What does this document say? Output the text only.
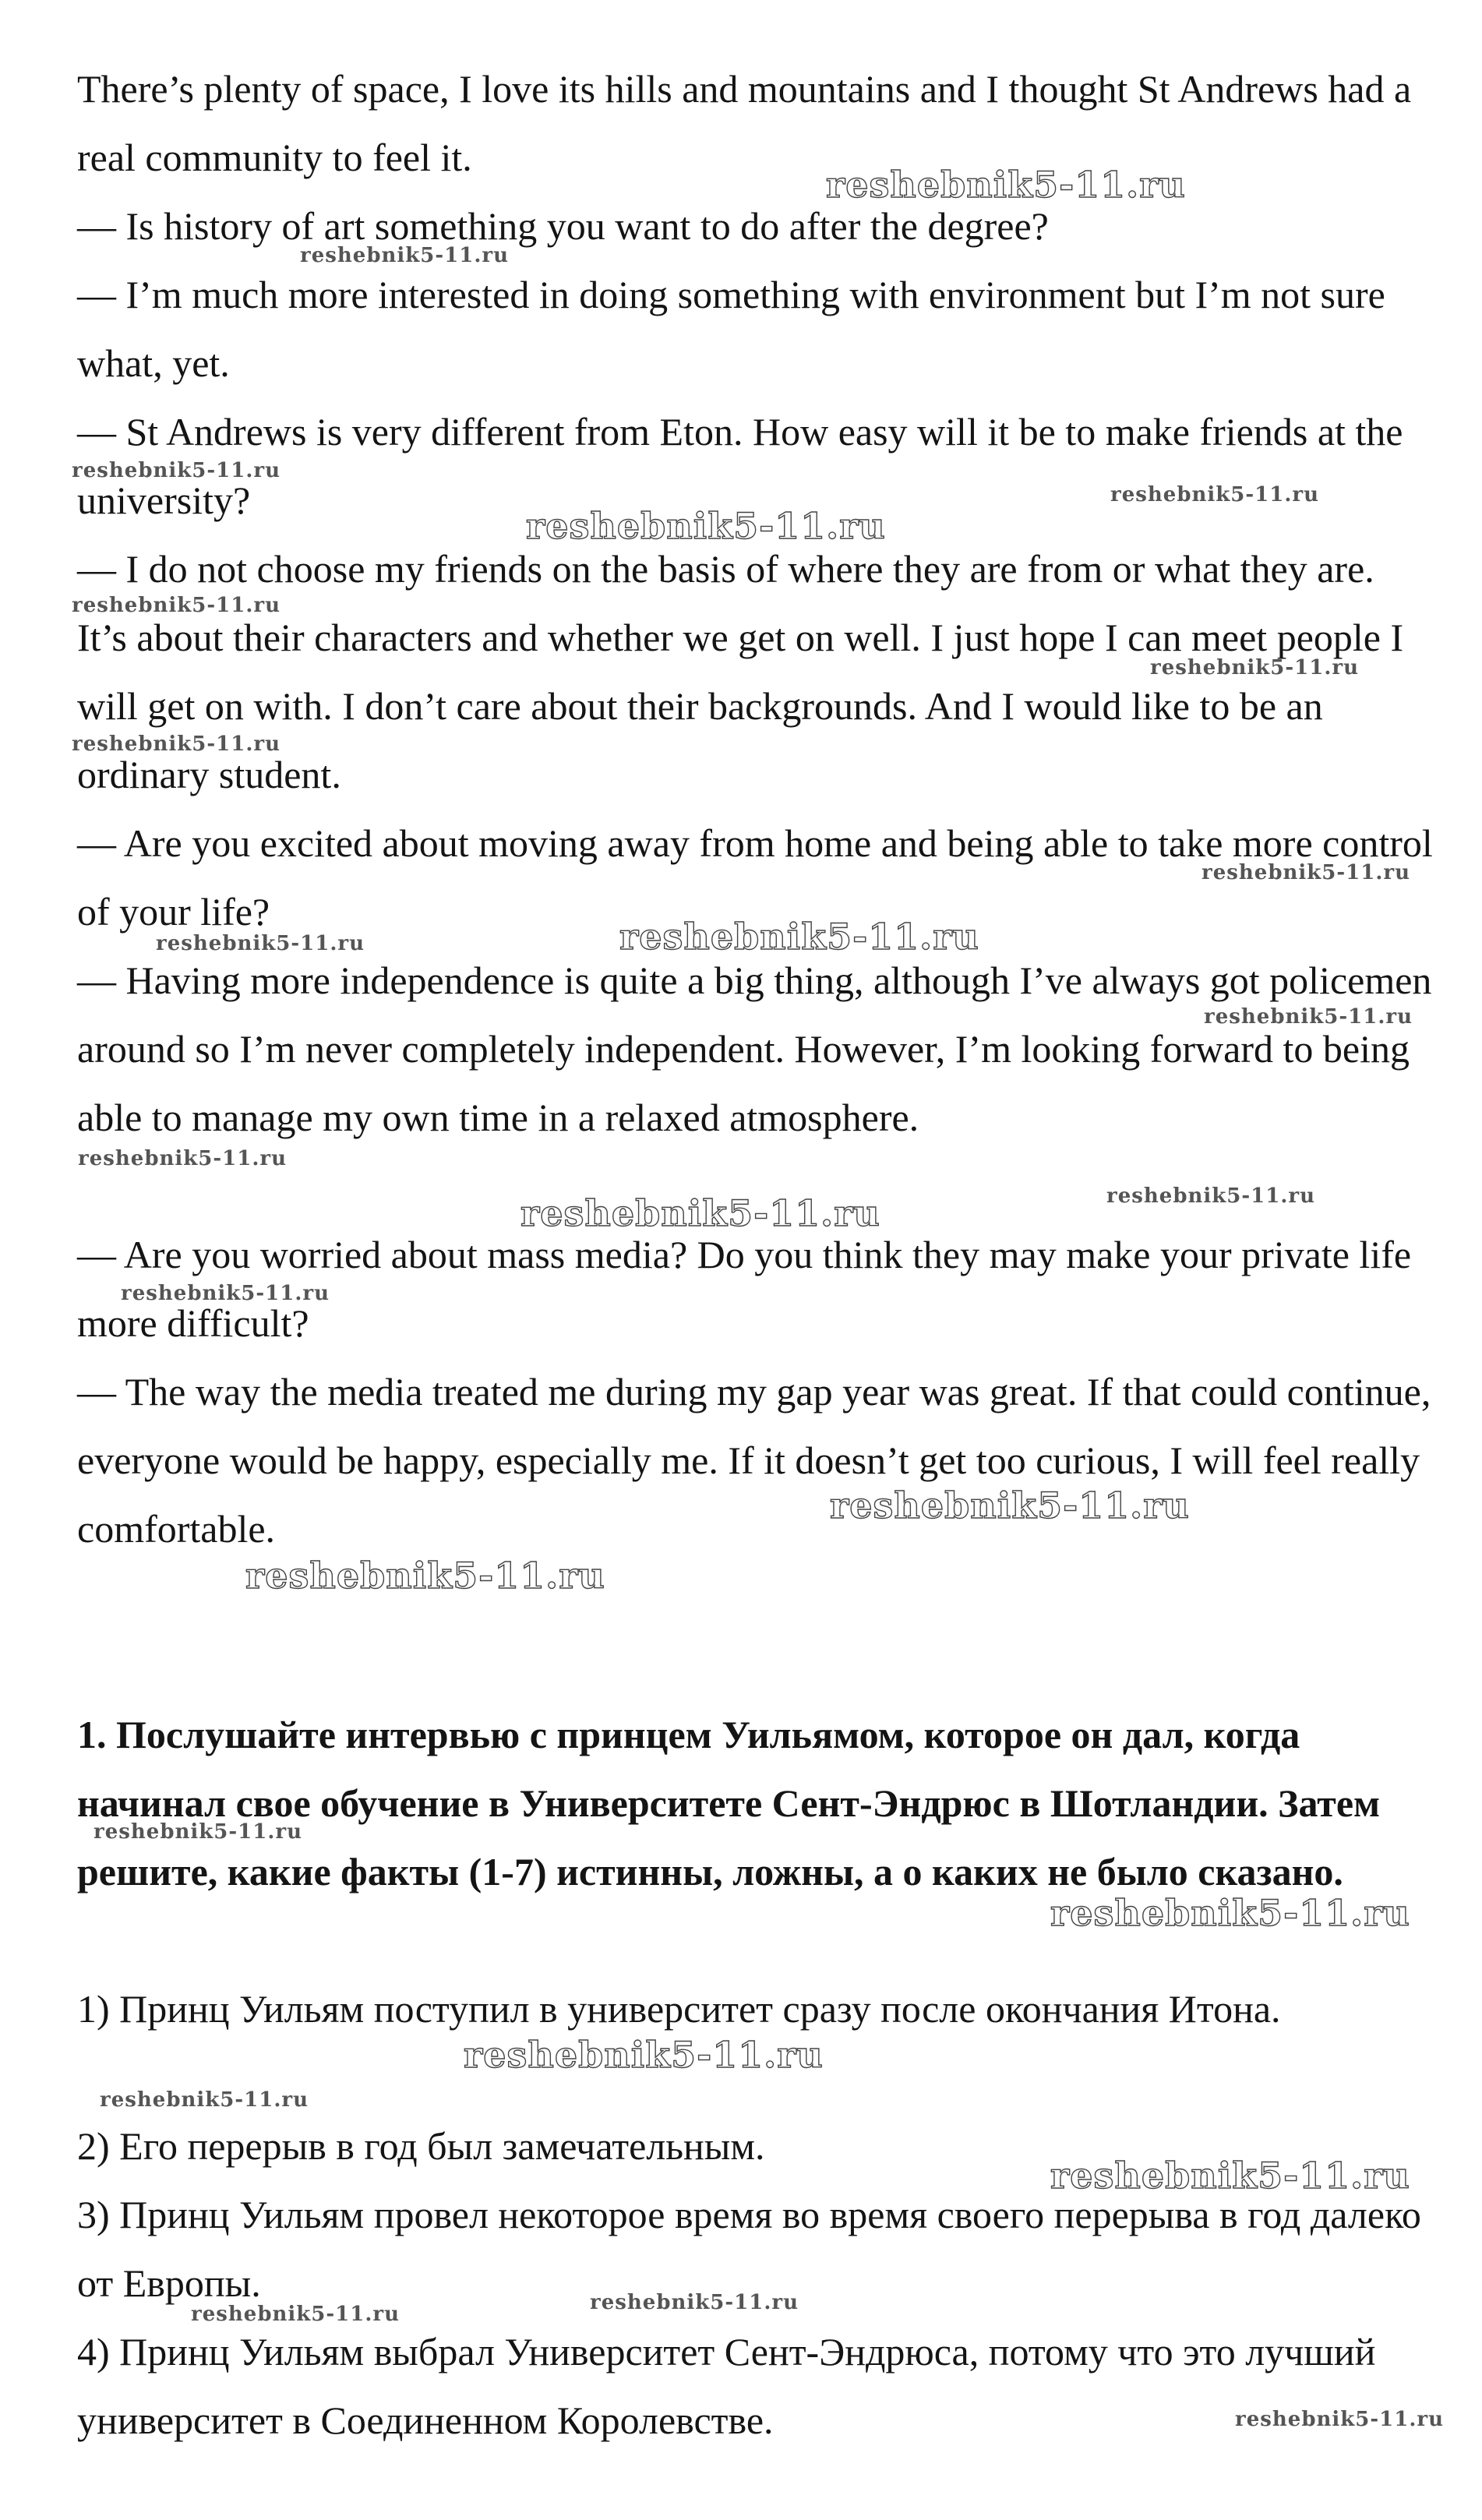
There’s plenty of space, I love its hills and mountains and I thought St Andrews had a real community to feel it.

— Is history of art something you want to do after the degree?

— I’m much more interested in doing something with environment but I’m not sure what, yet.

— St Andrews is very different from Eton. How easy will it be to make friends at the university?

— I do not choose my friends on the basis of where they are from or what they are. It’s about their characters and whether we get on well. I just hope I can meet people I will get on with. I don’t care about their backgrounds. And I would like to be an ordinary student.

— Are you excited about moving away from home and being able to take more control of your life?

— Having more independence is quite a big thing, although I’ve always got policemen around so I’m never completely independent. However, I’m looking forward to being able to manage my own time in a relaxed atmosphere.

— Are you worried about mass media? Do you think they may make your private life more difficult?

— The way the media treated me during my gap year was great. If that could continue, everyone would be happy, especially me. If it doesn’t get too curious, I will feel really comfortable.

1. Послушайте интервью с принцем Уильямом, которое он дал, когда начинал свое обучение в Университете Сент-Эндрюс в Шотландии. Затем решите, какие факты (1-7) истинны, ложны, а о каких не было сказано.

1) Принц Уильям поступил в университет сразу после окончания Итона.

2) Его перерыв в год был замечательным.

3) Принц Уильям провел некоторое время во время своего перерыва в год далеко от Европы.

4) Принц Уильям выбрал Университет Сент-Эндрюса, потому что это лучший университет в Соединенном Королевстве.

reshebnik5-11.ru
reshebnik5-11.ru
reshebnik5-11.ru
reshebnik5-11.ru
reshebnik5-11.ru
reshebnik5-11.ru
reshebnik5-11.ru
reshebnik5-11.ru
reshebnik5-11.ru
reshebnik5-11.ru	reshebnik5-11.ru
reshebnik5-11.ru
reshebnik5-11.ru
reshebnik5-11.ru	reshebnik5-11.ru
reshebnik5-11.ru
reshebnik5-11.ru
reshebnik5-11.ru
reshebnik5-11.ru
reshebnik5-11.ru
reshebnik5-11.ru
reshebnik5-11.ru
reshebnik5-11.ru
reshebnik5-11.ru	reshebnik5-11.ru
reshebnik5-11.ru
